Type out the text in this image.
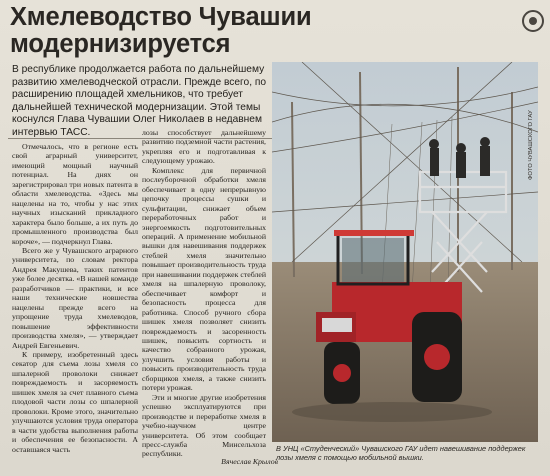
Хмелеводство Чувашии
модернизируется
В республике продолжается работа по дальнейшему развитию хмелеводческой отрасли. Прежде всего, по расширению площадей хмельников, что требует дальнейшей технической модернизации. Этой темы коснулся Глава Чувашии Олег Николаев в недавнем интервью ТАСС.

Отмечалось, что в регионе есть свой аграрный университет, имеющий мощный научный потенциал. На днях он зарегистрировал три новых патента в области хмелеводства. «Здесь мы нацелены на то, чтобы у нас этих научных изысканий прикладного характера было больше, а их путь до промышленного производства был короче», — подчеркнул Глава.

Всего же у Чувашского аграрного университета, по словам ректора Андрея Макушева, таких патентов уже более десятка. «В нашей команде разработчиков — практики, и все наши технические новшества нацелены прежде всего на упрощение труда хмелеводов, повышение эффективности производства хмеля», — утверждает Андрей Евгеньевич.

К примеру, изобретенный здесь секатор для съема лозы хмеля со шпалерной проволоки снижает повреждаемость и засоряемость шишек хмеля за счет плавного съема плодовой части лозы со шпалерной проволоки. Кроме этого, значительно улучшаются условия труда оператора в части удобства выполнения работы и обеспечения ее безопасности. А оставшаяся часть

лозы способствует дальнейшему развитию подземной части растения, укрепляя его и подготавливая к следующему урожаю.

Комплекс для первичной послеуборочной обработки хмеля обеспечивает в одну непрерывную цепочку процессы сушки и сульфитации, снижает объем переработочных работ и энергоемкость подготовительных операций. А применение мобильной вышки для навешивания поддержек стеблей хмеля значительно повышает производительность труда при навешивании поддержек стеблей хмеля на шпалерную проволоку, обеспечивает комфорт и безопасность процесса для работника. Способ ручного сбора шишек хмеля позволяет снизить повреждаемость и засоренность шишек, повысить сортность и качество собранного урожая, улучшить условия работы и повысить производительность труда сборщиков хмеля, а также снизить потери урожая.

Эти и многие другие изобретения успешно эксплуатируются при производстве и переработке хмеля в учебно-научном центре университета. Об этом сообщает пресс-служба Минсельхоза республики.

Вячеслав Крылов
ФОТО ЧУВАШСКОГО ГАУ
В УНЦ «Студенческий» Чувашского ГАУ идет навешивание поддержек лозы хмеля с помощью мобильной вышки.
